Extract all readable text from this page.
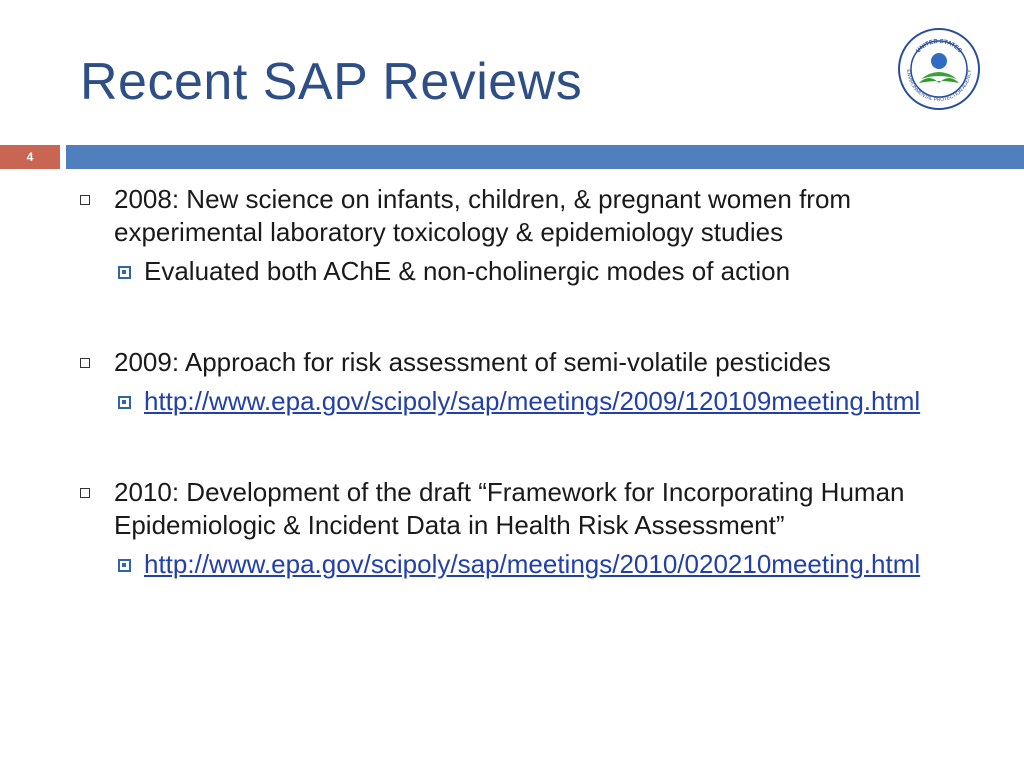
Recent SAP Reviews
UNITED STATES
ENVIRONMENTAL PROTECTION AGENCY
4
2008: New science on infants, children, & pregnant women from experimental laboratory toxicology & epidemiology studies
Evaluated both AChE & non-cholinergic modes of action
2009: Approach for risk assessment of semi-volatile pesticides
http://www.epa.gov/scipoly/sap/meetings/2009/120109meeting.html
2010: Development of the draft “Framework for Incorporating Human Epidemiologic & Incident Data in Health Risk Assessment”
http://www.epa.gov/scipoly/sap/meetings/2010/020210meeting.html
